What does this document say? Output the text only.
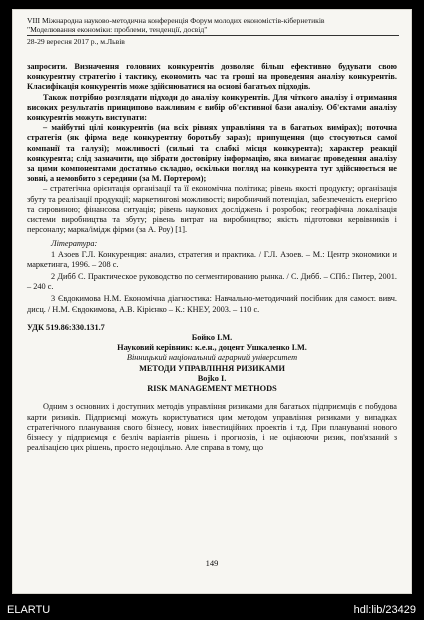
VIII Міжнародна науково-методична конференція Форум молодих економістів-кібернетиків
"Моделювання економіки: проблеми, тенденції, досвід"
28-29 вересня 2017 р., м.Львів

запросити. Визначення головних конкурентів дозволяє більш ефективно будувати свою конкурентну стратегію і тактику, економить час та гроші на проведення аналізу конкурентів. Класифікація конкурентів може здійснюватися на основі багатьох підходів.

Також потрібно розглядати підходи до аналізу конкурентів. Для чіткого аналізу і отримання високих результатів принципово важливим є вибір об'єктивної бази аналізу. Об'єктами аналізу конкурентів можуть виступати:

– майбутні цілі конкурентів (на всіх рівнях управління та в багатьох вимірах); поточна стратегія (як фірма веде конкурентну боротьбу зараз); припущення (що стосуються самої компанії та галузі); можливості (сильні та слабкі місця конкурента); характер реакції конкурента; слід зазначити, що зібрати достовірну інформацію, яка вимагає проведення аналізу за цими компонентами достатньо складно, оскільки погляд на конкурента тут здійснюється не зовні, а немовбито з середини (за М. Портером);

– стратегічна орієнтація організації та її економічна політика; рівень якості продукту; організація збуту та реалізації продукції; маркетингові можливості; виробничий потенціал, забезпеченість енергією та сировиною; фінансова ситуація; рівень наукових досліджень і розробок; географічна локалізація системи виробництва та збуту; рівень витрат на виробництво; якість підготовки кервівників і персоналу; марка/імідж фірми (за А. Роу) [1].

Література:

1 Азоев Г.Л. Конкуренция: анализ, стратегия и практика. / Г.Л. Азоев. – М.: Центр экономики и маркетинга, 1996. – 208 с.

2 Дибб С. Практическое руководство по сегментированию рынка. / С. Дибб. – СПб.: Питер, 2001. – 240 с.

3 Євдокимова Н.М. Економічна діагностика: Навчально-методичний посібник для самост. вивч. дисц. / Н.М. Євдокимова, А.В. Кірієнко – К.: КНЕУ, 2003. – 110 с.

УДК 519.86:330.131.7

Бойко І.М.

Науковий керівник: к.е.н., доцент Ушкаленко І.М.

Вінницький національний аграрний університет

МЕТОДИ УПРАВЛІННЯ РИЗИКАМИ

Bojko I.

RISK MANAGEMENT METHODS

Одним з основних і доступних методів управління ризиками для багатьох підприємців є побудова карти ризиків. Підприємці можуть користуватися цим методом управління ризиками у випадках стратегічного планування свого бізнесу, нових інвестиційних проектів і т.д. При плануванні нового бізнесу у підприємця є безліч варіантів рішень і прогнозів, і не оцінюючи ризик, пов'язаний з реалізацією цих рішень, просто недоцільно. Але справа в тому, що

149
ELARTU	hdl:lib/23429
